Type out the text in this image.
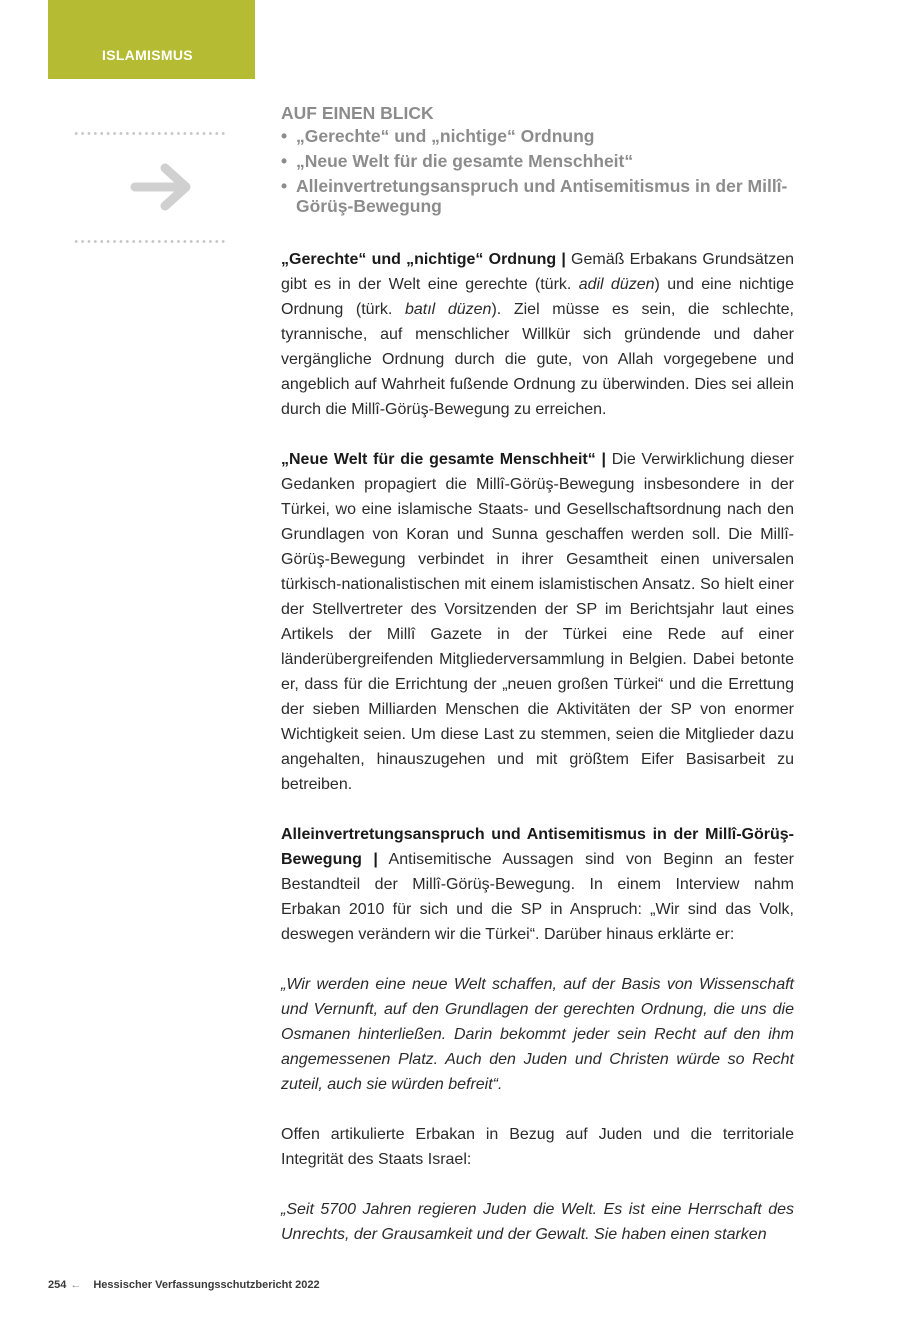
ISLAMISMUS
AUF EINEN BLICK
• „Gerechte“ und „nichtige“ Ordnung
• „Neue Welt für die gesamte Menschheit“
• Alleinvertretungsanspruch und Antisemitismus in der Millî-Görüş-Bewegung

„Gerechte“ und „nichtige“ Ordnung | Gemäß Erbakans Grundsätzen gibt es in der Welt eine gerechte (türk. adil düzen) und eine nichtige Ordnung (türk. batıl düzen). Ziel müsse es sein, die schlechte, tyrannische, auf menschlicher Willkür sich gründende und daher vergängliche Ordnung durch die gute, von Allah vorgegebene und angeblich auf Wahrheit fußende Ordnung zu überwinden. Dies sei allein durch die Millî-Görüş-Bewegung zu erreichen.

„Neue Welt für die gesamte Menschheit“ | Die Verwirklichung dieser Gedanken propagiert die Millî-Görüş-Bewegung insbesondere in der Türkei, wo eine islamische Staats- und Gesellschaftsordnung nach den Grundlagen von Koran und Sunna geschaffen werden soll. Die Millî-Görüş-Bewegung verbindet in ihrer Gesamtheit einen universalen türkisch-nationalistischen mit einem islamistischen Ansatz. So hielt einer der Stellvertreter des Vorsitzenden der SP im Berichtsjahr laut eines Artikels der Millî Gazete in der Türkei eine Rede auf einer länderübergreifenden Mitgliederversammlung in Belgien. Dabei betonte er, dass für die Errichtung der „neuen großen Türkei“ und die Errettung der sieben Milliarden Menschen die Aktivitäten der SP von enormer Wichtigkeit seien. Um diese Last zu stemmen, seien die Mitglieder dazu angehalten, hinauszugehen und mit größtem Eifer Basisarbeit zu betreiben.

Alleinvertretungsanspruch und Antisemitismus in der Millî-Görüş-Bewegung | Antisemitische Aussagen sind von Beginn an fester Bestandteil der Millî-Görüş-Bewegung. In einem Interview nahm Erbakan 2010 für sich und die SP in Anspruch: „Wir sind das Volk, deswegen verändern wir die Türkei“. Darüber hinaus erklärte er:

„Wir werden eine neue Welt schaffen, auf der Basis von Wissenschaft und Vernunft, auf den Grundlagen der gerechten Ordnung, die uns die Osmanen hinterließen. Darin bekommt jeder sein Recht auf den ihm angemessenen Platz. Auch den Juden und Christen würde so Recht zuteil, auch sie würden befreit“.

Offen artikulierte Erbakan in Bezug auf Juden und die territoriale Integrität des Staats Israel:

„Seit 5700 Jahren regieren Juden die Welt. Es ist eine Herrschaft des Unrechts, der Grausamkeit und der Gewalt. Sie haben einen starken

254 ← Hessischer Verfassungsschutzbericht 2022
